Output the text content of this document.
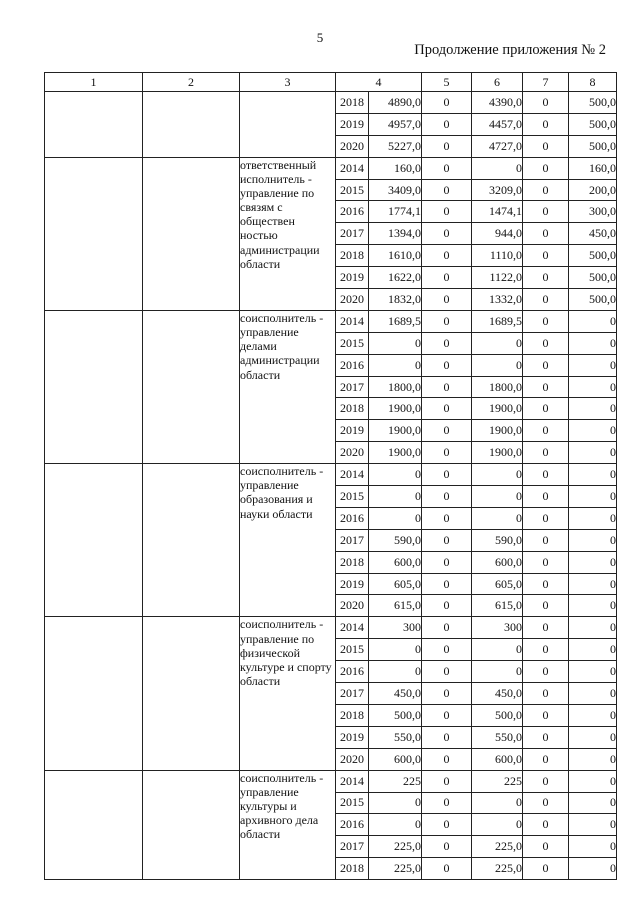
5
Продолжение приложения № 2
1	2	3	4		5	6	7	8
			2018	4890,0	0	4390,0	0	500,0
			2019	4957,0	0	4457,0	0	500,0
			2020	5227,0	0	4727,0	0	500,0
		ответственный исполнитель - управление по связям с обществен ностью администрации области	2014	160,0	0	0	0	160,0
			2015	3409,0	0	3209,0	0	200,0
			2016	1774,1	0	1474,1	0	300,0
			2017	1394,0	0	944,0	0	450,0
			2018	1610,0	0	1110,0	0	500,0
			2019	1622,0	0	1122,0	0	500,0
			2020	1832,0	0	1332,0	0	500,0
		соисполнитель - управление делами администрации области	2014	1689,5	0	1689,5	0	0
			2015	0	0	0	0	0
			2016	0	0	0	0	0
			2017	1800,0	0	1800,0	0	0
			2018	1900,0	0	1900,0	0	0
			2019	1900,0	0	1900,0	0	0
			2020	1900,0	0	1900,0	0	0
		соисполнитель - управление образования и науки области	2014	0	0	0	0	0
			2015	0	0	0	0	0
			2016	0	0	0	0	0
			2017	590,0	0	590,0	0	0
			2018	600,0	0	600,0	0	0
			2019	605,0	0	605,0	0	0
			2020	615,0	0	615,0	0	0
		соисполнитель - управление по физической культуре и спорту области	2014	300	0	300	0	0
			2015	0	0	0	0	0
			2016	0	0	0	0	0
			2017	450,0	0	450,0	0	0
			2018	500,0	0	500,0	0	0
			2019	550,0	0	550,0	0	0
			2020	600,0	0	600,0	0	0
		соисполнитель - управление культуры и архивного дела области	2014	225	0	225	0	0
			2015	0	0	0	0	0
			2016	0	0	0	0	0
			2017	225,0	0	225,0	0	0
			2018	225,0	0	225,0	0	0
